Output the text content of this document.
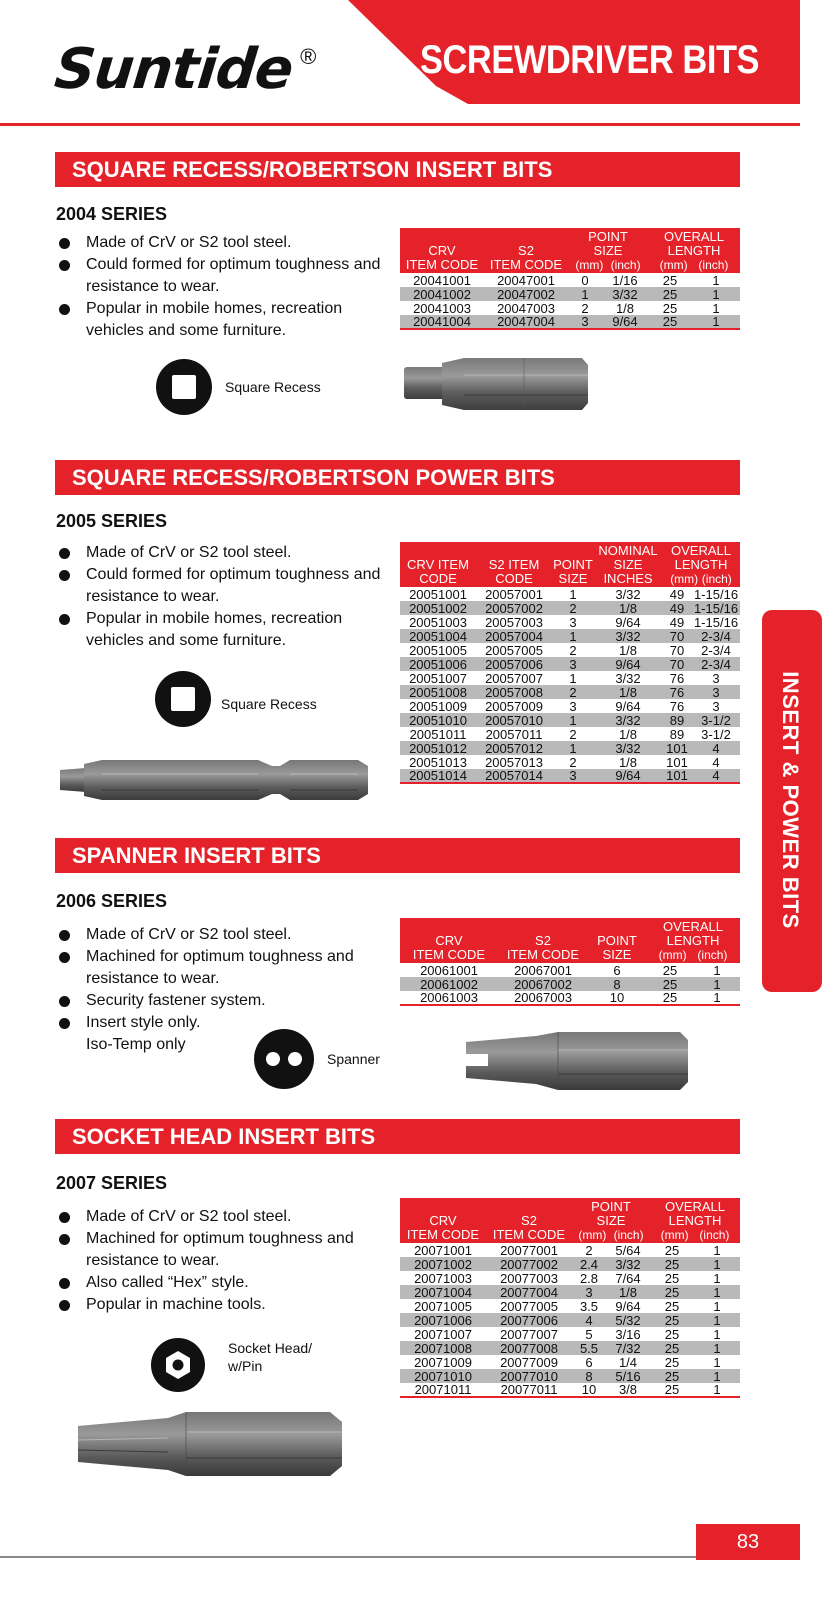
Suntide ®	SCREWDRIVER BITS
SQUARE RECESS/ROBERTSON INSERT BITS
2004 SERIES
Made of CrV or S2 tool steel.
Could formed for optimum toughness and resistance to wear.
Popular in mobile homes, recreation vehicles and some furniture.
CRV
ITEM CODE	S2
ITEM CODE	POINT
SIZE
(mm) (inch)		OVERALL
LENGTH
(mm) (inch)	
20041001	20047001	0	1/16	25	1
20041002	20047002	1	3/32	25	1
20041003	20047003	2	1/8	25	1
20041004	20047004	3	9/64	25	1
Square Recess
SQUARE RECESS/ROBERTSON POWER BITS
2005 SERIES
Made of CrV or S2 tool steel.
Could formed for optimum toughness and resistance to wear.
Popular in mobile homes, recreation vehicles and some furniture.
CRV ITEM CODE	S2 ITEM CODE	POINT SIZE	NOMINAL SIZE INCHES	OVERALL LENGTH
(mm) (inch)	
20051001	20057001	1	3/32	49	1-15/16
20051002	20057002	2	1/8	49	1-15/16
20051003	20057003	3	9/64	49	1-15/16
20051004	20057004	1	3/32	70	2-3/4
20051005	20057005	2	1/8	70	2-3/4
20051006	20057006	3	9/64	70	2-3/4
20051007	20057007	1	3/32	76	3
20051008	20057008	2	1/8	76	3
20051009	20057009	3	9/64	76	3
20051010	20057010	1	3/32	89	3-1/2
20051011	20057011	2	1/8	89	3-1/2
20051012	20057012	1	3/32	101	4
20051013	20057013	2	1/8	101	4
20051014	20057014	3	9/64	101	4
Square Recess
SPANNER INSERT BITS
2006 SERIES
Made of CrV or S2 tool steel.
Machined for optimum toughness and resistance to wear.
Security fastener system.
Insert style only.
Iso-Temp only
CRV
ITEM CODE	S2
ITEM CODE	POINT
SIZE	OVERALL
LENGTH
(mm) (inch)	
20061001	20067001	6	25	1
20061002	20067002	8	25	1
20061003	20067003	10	25	1
Spanner
SOCKET HEAD INSERT BITS
2007 SERIES
Made of CrV or S2 tool steel.
Machined for optimum toughness and resistance to wear.
Also called “Hex” style.
Popular in machine tools.
CRV
ITEM CODE	S2
ITEM CODE	POINT
SIZE
(mm) (inch)		OVERALL
LENGTH
(mm) (inch)	
20071001	20077001	2	5/64	25	1
20071002	20077002	2.4	3/32	25	1
20071003	20077003	2.8	7/64	25	1
20071004	20077004	3	1/8	25	1
20071005	20077005	3.5	9/64	25	1
20071006	20077006	4	5/32	25	1
20071007	20077007	5	3/16	25	1
20071008	20077008	5.5	7/32	25	1
20071009	20077009	6	1/4	25	1
20071010	20077010	8	5/16	25	1
20071011	20077011	10	3/8	25	1
Socket Head/ w/Pin
INSERT & POWER BITS
83
